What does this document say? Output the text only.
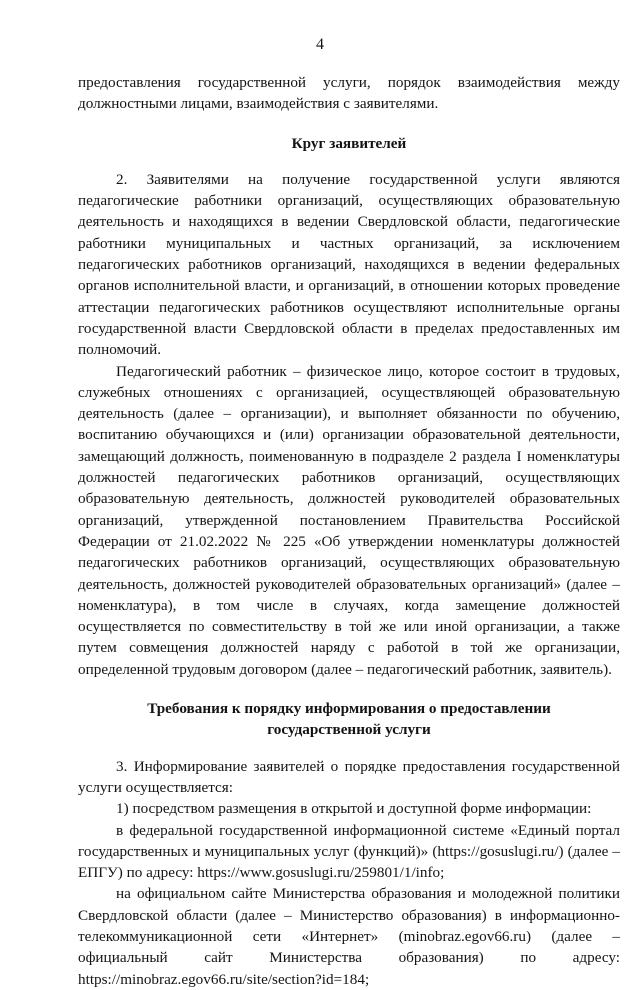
4

предоставления государственной услуги, порядок взаимодействия между должностными лицами, взаимодействия с заявителями.

Круг заявителей

2. Заявителями на получение государственной услуги являются педагогические работники организаций, осуществляющих образовательную деятельность и находящихся в ведении Свердловской области, педагогические работники муниципальных и частных организаций, за исключением педагогических работников организаций, находящихся в ведении федеральных органов исполнительной власти, и организаций, в отношении которых проведение аттестации педагогических работников осуществляют исполнительные органы государственной власти Свердловской области в пределах предоставленных им полномочий.

Педагогический работник – физическое лицо, которое состоит в трудовых, служебных отношениях с организацией, осуществляющей образовательную деятельность (далее – организации), и выполняет обязанности по обучению, воспитанию обучающихся и (или) организации образовательной деятельности, замещающий должность, поименованную в подразделе 2 раздела I номенклатуры должностей педагогических работников организаций, осуществляющих образовательную деятельность, должностей руководителей образовательных организаций, утвержденной постановлением Правительства Российской Федерации от 21.02.2022 № 225 «Об утверждении номенклатуры должностей педагогических работников организаций, осуществляющих образовательную деятельность, должностей руководителей образовательных организаций» (далее – номенклатура), в том числе в случаях, когда замещение должностей осуществляется по совместительству в той же или иной организации, а также путем совмещения должностей наряду с работой в той же организации, определенной трудовым договором (далее – педагогический работник, заявитель).

Требования к порядку информирования о предоставлении
государственной услуги

3. Информирование заявителей о порядке предоставления государственной услуги осуществляется:

1) посредством размещения в открытой и доступной форме информации:

в федеральной государственной информационной системе «Единый портал государственных и муниципальных услуг (функций)» (https://gosuslugi.ru/) (далее – ЕПГУ) по адресу: https://www.gosuslugi.ru/259801/1/info;

на официальном сайте Министерства образования и молодежной политики Свердловской области (далее – Министерство образования) в информационно-телекоммуникационной сети «Интернет» (minobraz.egov66.ru) (далее – официальный сайт Министерства образования) по адресу: https://minobraz.egov66.ru/site/section?id=184;
